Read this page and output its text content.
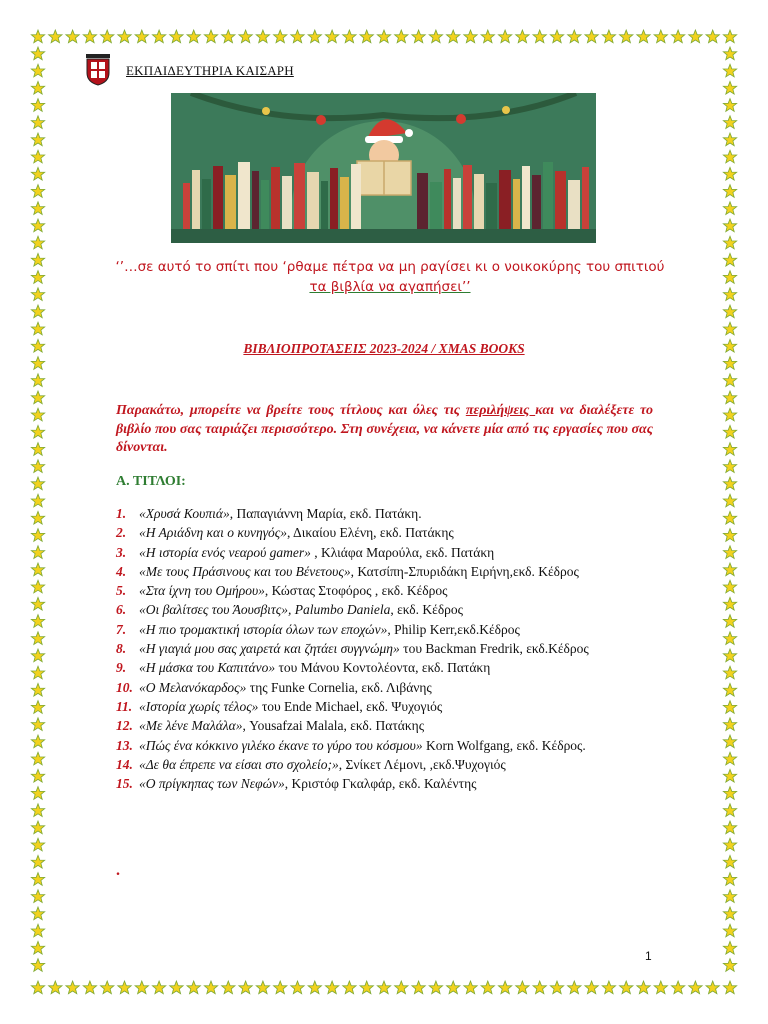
ΕΚΠΑΙΔΕΥΤΗΡΙΑ ΚΑΙΣΑΡΗ
‘’…σε αυτό το σπίτι που ‘ρθαμε πέτρα να μη ραγίσει κι ο νοικοκύρης του σπιτιού
τα βιβλία να αγαπήσει’’
ΒΙΒΛΙΟΠΡΟΤΑΣΕΙΣ 2023-2024 / XMAS BOOKS
Παρακάτω, μπορείτε να βρείτε τους τίτλους και όλες τις περιλήψεις και να διαλέξετε το βιβλίο που σας ταιριάζει περισσότερο. Στη συνέχεια, να κάνετε μία από τις εργασίες που σας δίνονται.
Α. ΤΙΤΛΟΙ:
1. «Χρυσά Κουπιά», Παπαγιάννη Μαρία, εκδ. Πατάκη.
2. «Η Αριάδνη και ο κυνηγός», Δικαίου Ελένη, εκδ. Πατάκης
3. «Η ιστορία ενός νεαρού gamer» , Κλιάφα Μαρούλα, εκδ. Πατάκη
4. «Με τους Πράσινους και του Βένετους», Κατσίπη-Σπυριδάκη Ειρήνη,εκδ. Κέδρος
5. «Στα ίχνη του Ομήρου», Κώστας Στοφόρος , εκδ. Κέδρος
6. «Οι βαλίτσες του Άουσβιτς», Palumbo Daniela, εκδ. Κέδρος
7. «Η πιο τρομακτική ιστορία όλων των εποχών», Philip Kerr,εκδ.Κέδρος
8. «Η γιαγιά μου σας χαιρετά και ζητάει συγγνώμη» του Backman Fredrik, εκδ.Κέδρος
9. «Η μάσκα του Καπιτάνο» του Μάνου Κοντολέοντα, εκδ. Πατάκη
10. «Ο Μελανόκαρδος» της Funke Cornelia, εκδ. Λιβάνης
11. «Ιστορία χωρίς τέλος» του Ende Michael, εκδ. Ψυχογιός
12. «Με λένε Μαλάλα», Yousafzai Malala, εκδ. Πατάκης
13. «Πώς ένα κόκκινο γιλέκο έκανε το γύρο του κόσμου» Korn Wolfgang, εκδ. Κέδρος.
14. «Δε θα έπρεπε να είσαι στο σχολείο;», Σνίκετ Λέμονι, ,εκδ.Ψυχογιός
15. «Ο πρίγκηπας των Νεφών», Κριστόφ Γκαλφάρ, εκδ. Καλέντης
.
1
